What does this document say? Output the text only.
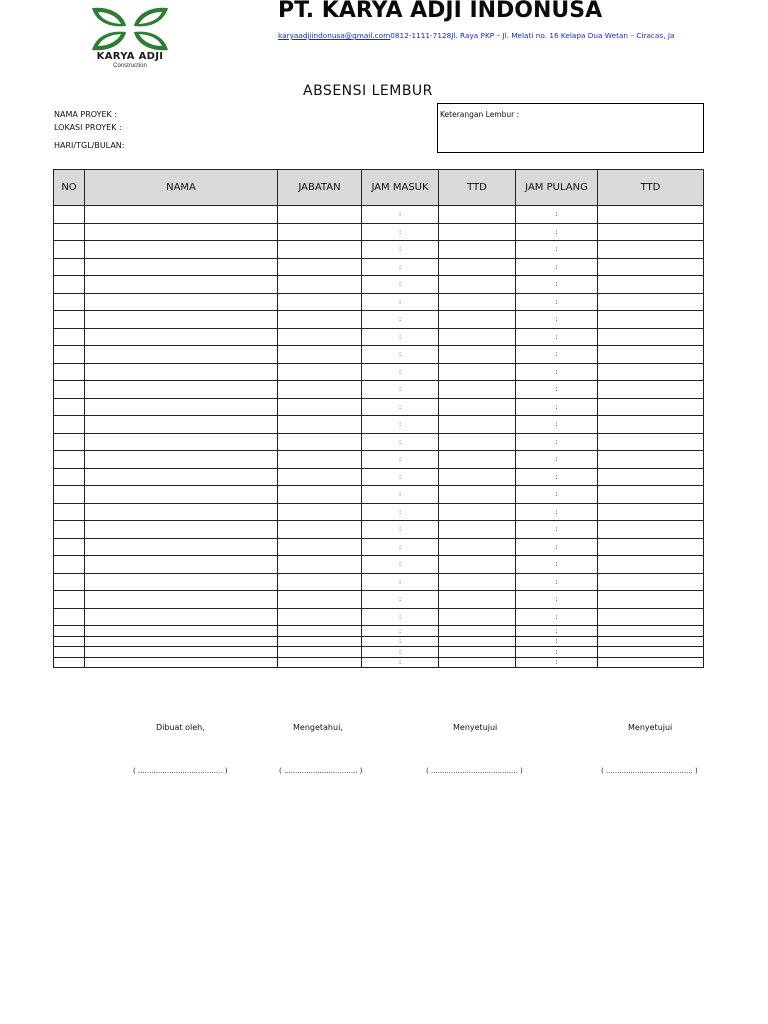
KARYA ADJI
Construction
PT. KARYA ADJI INDONUSA
karyaadjiindonusa@gmail.com0812-1111-7128Jl. Raya PKP – Jl. Melati no. 16 Kelapa Dua Wetan – Ciracas, Ja
ABSENSI LEMBUR
NAMA PROYEK :
LOKASI PROYEK :
HARI/TGL/BULAN:
Keterangan Lembur :
NO	NAMA	JABATAN	JAM MASUK	TTD	JAM PULANG	TTD
			:		:	
			:		:	
			:		:	
			:		:	
			:		:	
			:		:	
			:		:	
			:		:	
			:		:	
			:		:	
			:		:	
			:		:	
			:		:	
			:		:	
			:		:	
			:		:	
			:		:	
			:		:	
			:		:	
			:		:	
			:		:	
			:		:	
			:		:	
			:		:	
			:		:	
			:		:	
			:		:	
			:		:	
Dibuat oleh,	Mengetahui,	Menyetujui	Menyetujui
( ...................................... )	( ................................. )	( ....................................... )	( ....................................... )
